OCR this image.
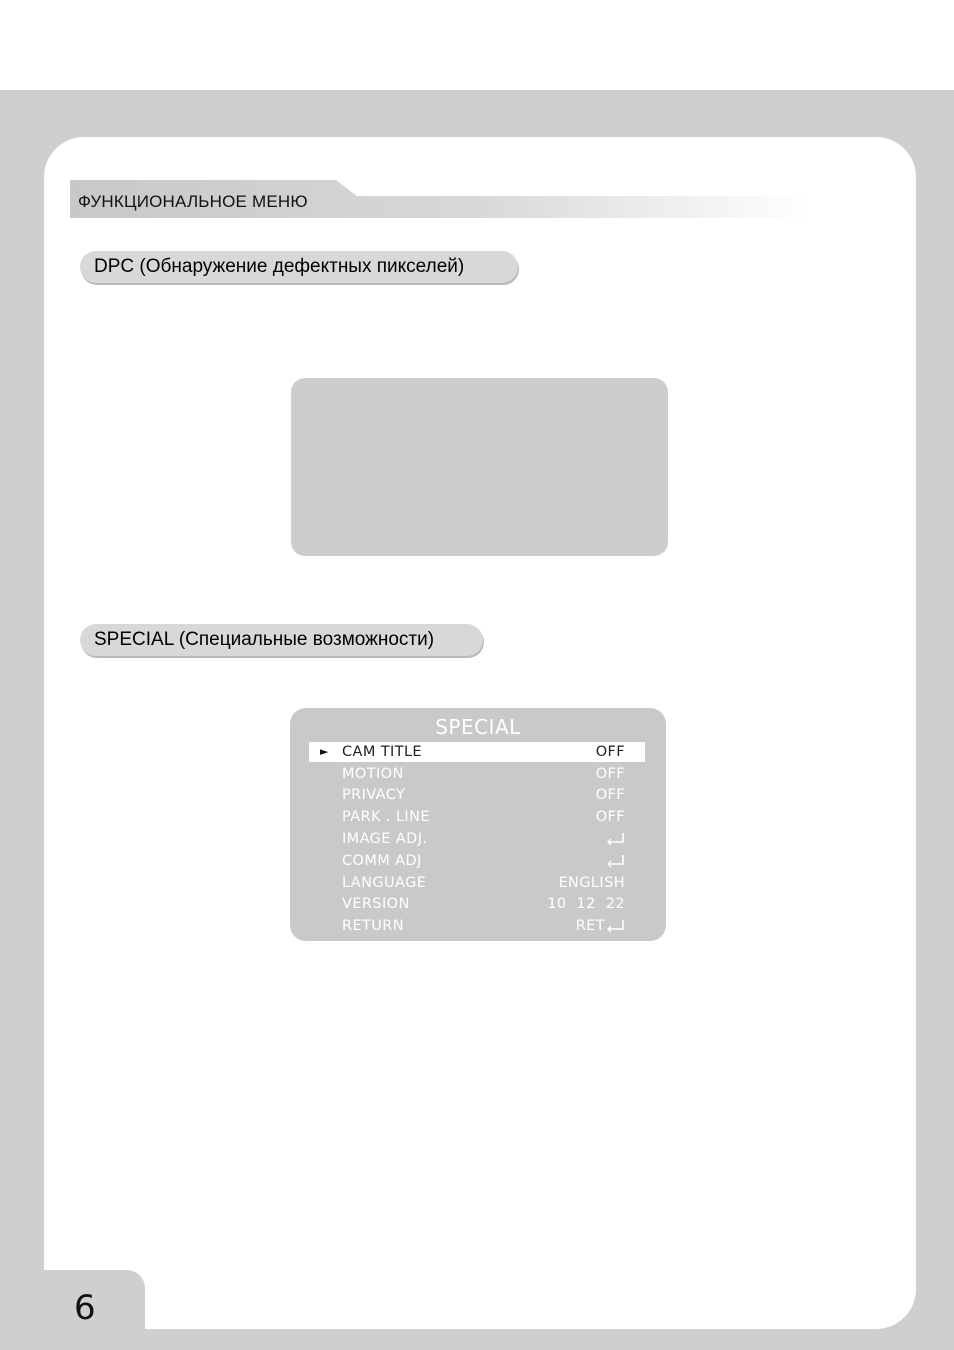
ФУНКЦИОНАЛЬНОЕ МЕНЮ
DPC (Обнаружение дефектных пикселей)
SPECIAL (Специальные возможности)
SPECIAL
► CAM TITLE	OFF
MOTION	OFF
PRIVACY	OFF
PARK . LINE	OFF
IMAGE ADJ.
COMM ADJ
LANGUAGE	ENGLISH
VERSION	10  12  22
RETURN	RET
6
